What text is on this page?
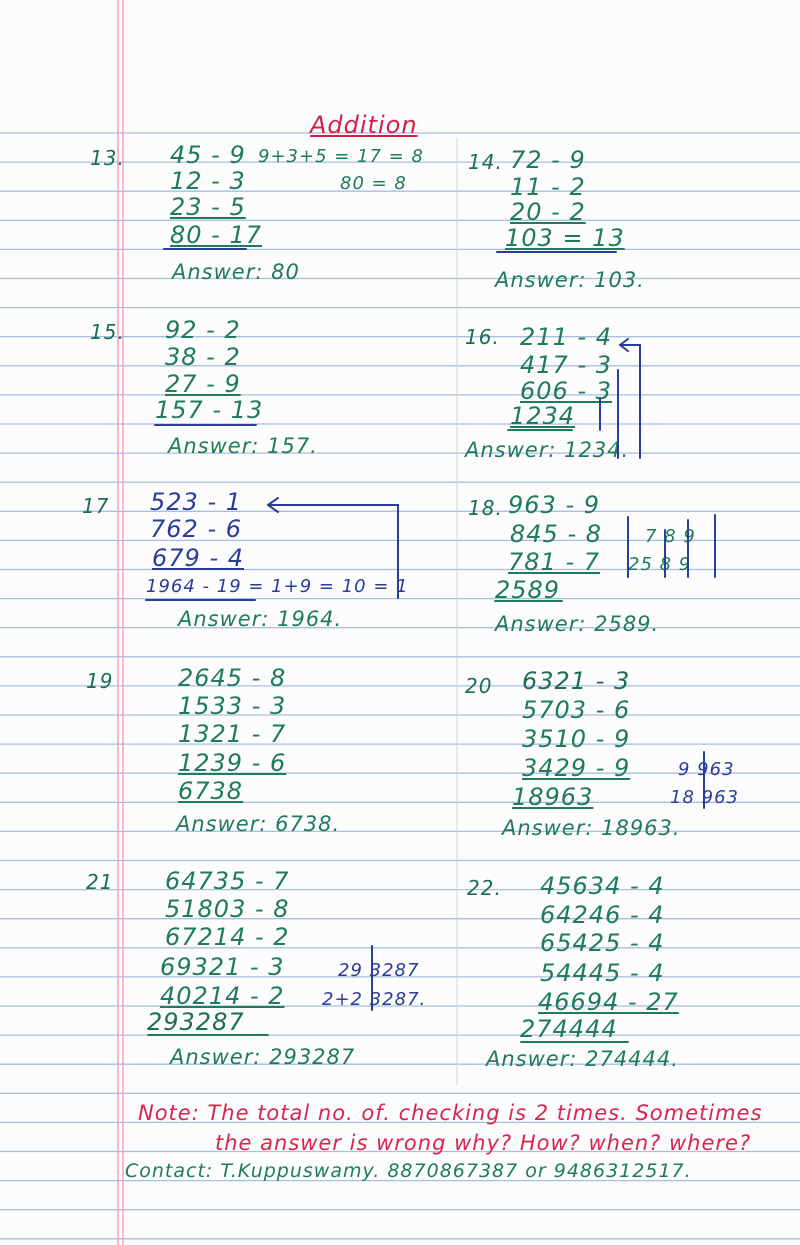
Addition
13. 45 - 9
12 - 3
23 - 5
80 - 17
9+3+5 = 17 = 8
80 = 8
Answer: 80
14. 72 - 9
11 - 2
20 - 2
103 = 13
Answer: 103.
15. 92 - 2
38 - 2
27 - 9
157 - 13
Answer: 157.
16. 211 - 4
417 - 3
606 - 3
1234
Answer: 1234.
17 523 - 1
762 - 6
679 - 4
1964 - 19 = 1+9 = 10 = 1
Answer: 1964.
18. 963 - 9
845 - 8
781 - 7
2589
7 8 9
25 8 9
Answer: 2589.
19	2645 - 8
1533 - 3
1321 - 7
1239 - 6
6738
Answer: 6738.
20 6321 - 3
5703 - 6
3510 - 9
3429 - 9
18963
9 963
18 963
Answer: 18963.
21 64735 - 7
51803 - 8
67214 - 2
69321 - 3
40214 - 2
293287
29 3287
2+2 3287.
Answer: 293287
22. 45634 - 4
64246 - 4
65425 - 4
54445 - 4
46694 - 27
274444
Answer: 274444.
Note: The total no. of. checking is 2 times. Sometimes
the answer is wrong why? How? when? where?
Contact: T.Kuppuswamy. 8870867387 or 9486312517.
